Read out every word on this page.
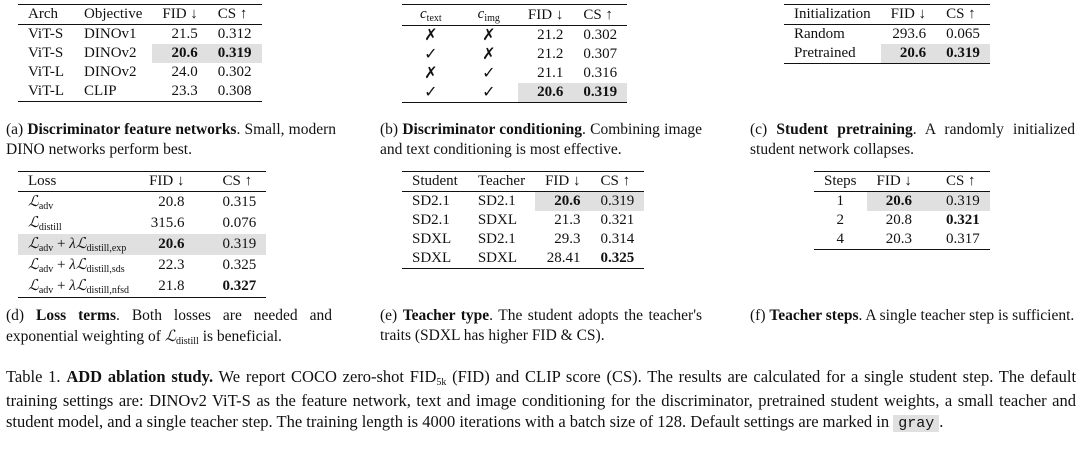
Arch	Objective	FID ↓	CS ↑
ViT-S	DINOv1	21.5	0.312
ViT-S	DINOv2	20.6	0.319
ViT-L	DINOv2	24.0	0.302
ViT-L	CLIP	23.3	0.308
(a) Discriminator feature networks. Small, modern DINO networks perform best.
$c_{text}$	$c_{img}$	FID ↓	CS ↑
✗	✗	21.2	0.302
✓	✗	21.2	0.307
✗	✓	21.1	0.316
✓	✓	20.6	0.319
(b) Discriminator conditioning. Combining image and text conditioning is most effective.
Initialization	FID ↓	CS ↑
Random	293.6	0.065
Pretrained	20.6	0.319
(c) Student pretraining. A randomly initialized student network collapses.
Loss	FID ↓	CS ↑
ℒ$_{adv}$	20.8	0.315
ℒ$_{distill}$	315.6	0.076
ℒ$_{adv}$ + λℒ$_{distill,exp}$	20.6	0.319
ℒ$_{adv}$ + λℒ$_{distill,sds}$	22.3	0.325
ℒ$_{adv}$ + λℒ$_{distill,nfsd}$	21.8	0.327
(d) Loss terms. Both losses are needed and exponential weighting of ℒdistill is beneficial.
Student	Teacher	FID ↓	CS ↑
SD2.1	SD2.1	20.6	0.319
SD2.1	SDXL	21.3	0.321
SDXL	SD2.1	29.3	0.314
SDXL	SDXL	28.41	0.325
(e) Teacher type. The student adopts the teacher's traits (SDXL has higher FID & CS).
Steps	FID ↓	CS ↑
1	20.6	0.319
2	20.8	0.321
4	20.3	0.317
(f) Teacher steps. A single teacher step is sufficient.
Table 1. ADD ablation study. We report COCO zero-shot FID5k (FID) and CLIP score (CS). The results are calculated for a single student step. The default training settings are: DINOv2 ViT-S as the feature network, text and image conditioning for the discriminator, pretrained student weights, a small teacher and student model, and a single teacher step. The training length is 4000 iterations with a batch size of 128. Default settings are marked in gray .
